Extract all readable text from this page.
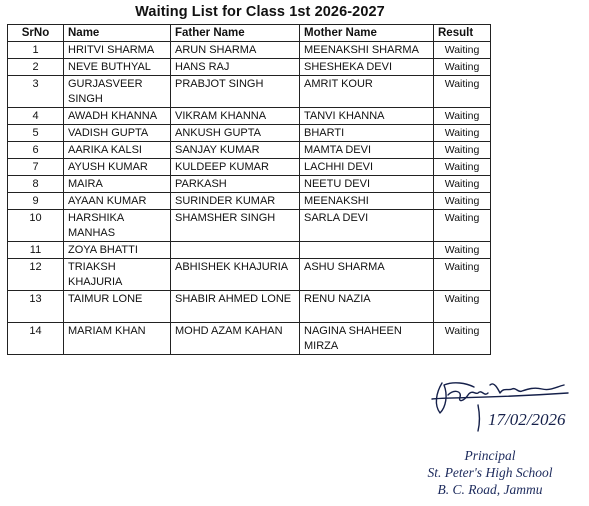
Waiting List for Class 1st 2026-2027
SrNo	Name	Father Name	Mother Name	Result
1	HRITVI SHARMA	ARUN SHARMA	MEENAKSHI SHARMA	Waiting
2	NEVE BUTHYAL	HANS RAJ	SHESHEKA DEVI	Waiting
3	GURJASVEER SINGH	PRABJOT SINGH	AMRIT KOUR	Waiting
4	AWADH KHANNA	VIKRAM KHANNA	TANVI KHANNA	Waiting
5	VADISH GUPTA	ANKUSH GUPTA	BHARTI	Waiting
6	AARIKA KALSI	SANJAY KUMAR	MAMTA DEVI	Waiting
7	AYUSH KUMAR	KULDEEP KUMAR	LACHHI DEVI	Waiting
8	MAIRA	PARKASH	NEETU DEVI	Waiting
9	AYAAN KUMAR	SURINDER KUMAR	MEENAKSHI	Waiting
10	HARSHIKA MANHAS	SHAMSHER SINGH	SARLA DEVI	Waiting
11	ZOYA BHATTI			Waiting
12	TRIAKSH KHAJURIA	ABHISHEK KHAJURIA	ASHU SHARMA	Waiting
13	TAIMUR LONE	SHABIR AHMED LONE	RENU NAZIA	Waiting
14	MARIAM KHAN	MOHD AZAM KAHAN	NAGINA SHAHEEN MIRZA	Waiting
17/02/2026
Principal
St. Peter's High School
B. C. Road, Jammu
